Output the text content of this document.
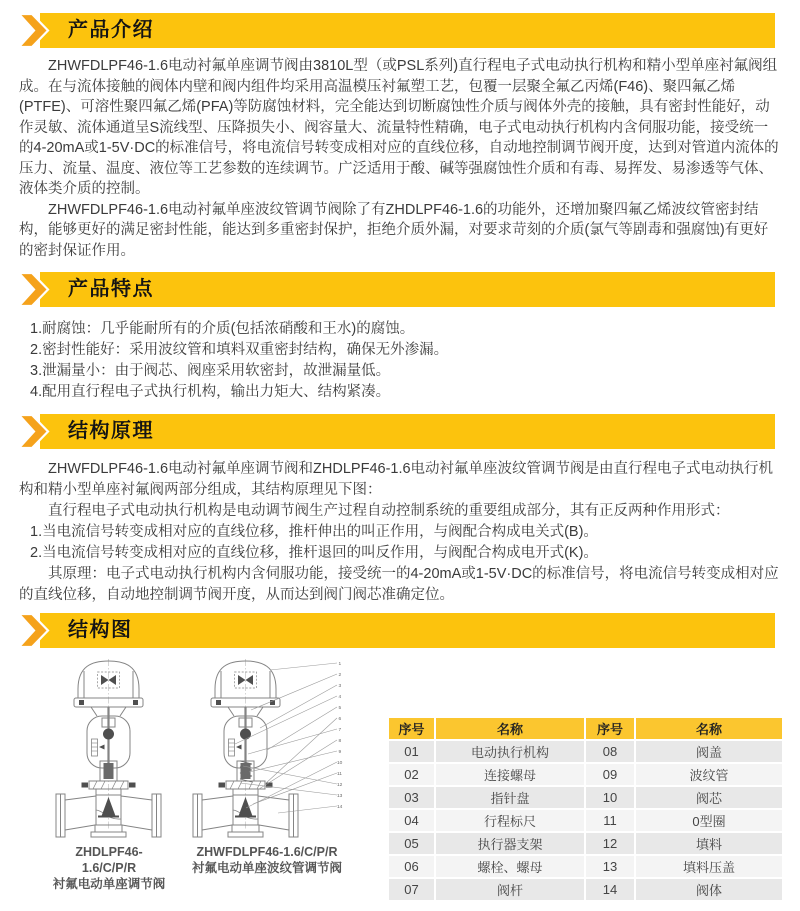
产品介绍

ZHWFDLPF46-1.6电动衬氟单座调节阀由3810L型（或PSL系列)直行程电子式电动执行机构和精小型单座衬氟阀组成。在与流体接触的阀体内壁和阀内组件均采用高温模压衬氟塑工艺，包覆一层聚全氟乙丙烯(F46)、聚四氟乙烯(PTFE)、可溶性聚四氟乙烯(PFA)等防腐蚀材料，完全能达到切断腐蚀性介质与阀体外壳的接触，具有密封性能好，动作灵敏、流体通道呈S流线型、压降损失小、阀容量大、流量特性精确，电子式电动执行机构内含伺服功能，接受统一的4-20mA或1-5V·DC的标准信号，将电流信号转变成相对应的直线位移，自动地控制调节阀开度，达到对管道内流体的压力、流量、温度、液位等工艺参数的连续调节。广泛适用于酸、碱等强腐蚀性介质和有毒、易挥发、易渗透等气体、液体类介质的控制。

ZHWFDLPF46-1.6电动衬氟单座波纹管调节阀除了有ZHDLPF46-1.6的功能外，还增加聚四氟乙烯波纹管密封结构，能够更好的满足密封性能，能达到多重密封保护，拒绝介质外漏，对要求苛刻的介质(氯气等剧毒和强腐蚀)有更好的密封保证作用。

产品特点

1.耐腐蚀：几乎能耐所有的介质(包括浓硝酸和王水)的腐蚀。

2.密封性能好：采用波纹管和填料双重密封结构，确保无外渗漏。

3.泄漏量小：由于阀芯、阀座采用软密封，故泄漏量低。

4.配用直行程电子式执行机构，输出力矩大、结构紧凑。

结构原理

ZHWFDLPF46-1.6电动衬氟单座调节阀和ZHDLPF46-1.6电动衬氟单座波纹管调节阀是由直行程电子式电动执行机构和精小型单座衬氟阀两部分组成，其结构原理见下图：

直行程电子式电动执行机构是电动调节阀生产过程自动控制系统的重要组成部分，其有正反两种作用形式：

1.当电流信号转变成相对应的直线位移，推杆伸出的叫正作用，与阀配合构成电关式(B)。

2.当电流信号转变成相对应的直线位移，推杆退回的叫反作用，与阀配合构成电开式(K)。

其原理：电子式电动执行机构内含伺服功能，接受统一的4-20mA或1-5V·DC的标准信号，将电流信号转变成相对应的直线位移，自动地控制调节阀开度，从而达到阀门阀芯准确定位。

结构图
ZHDLPF46-1.6/C/P/R
衬氟电动单座调节阀
1
2
3
4
5
6
7
8
9
10
11
12
13
14
ZHWFDLPF46-1.6/C/P/R
衬氟电动单座波纹管调节阀
序号	名称	序号	名称
01	电动执行机构	08	阀盖
02	连接螺母	09	波纹管
03	指针盘	10	阀芯
04	行程标尺	11	0型圈
05	执行器支架	12	填料
06	螺栓、螺母	13	填料压盖
07	阀杆	14	阀体
